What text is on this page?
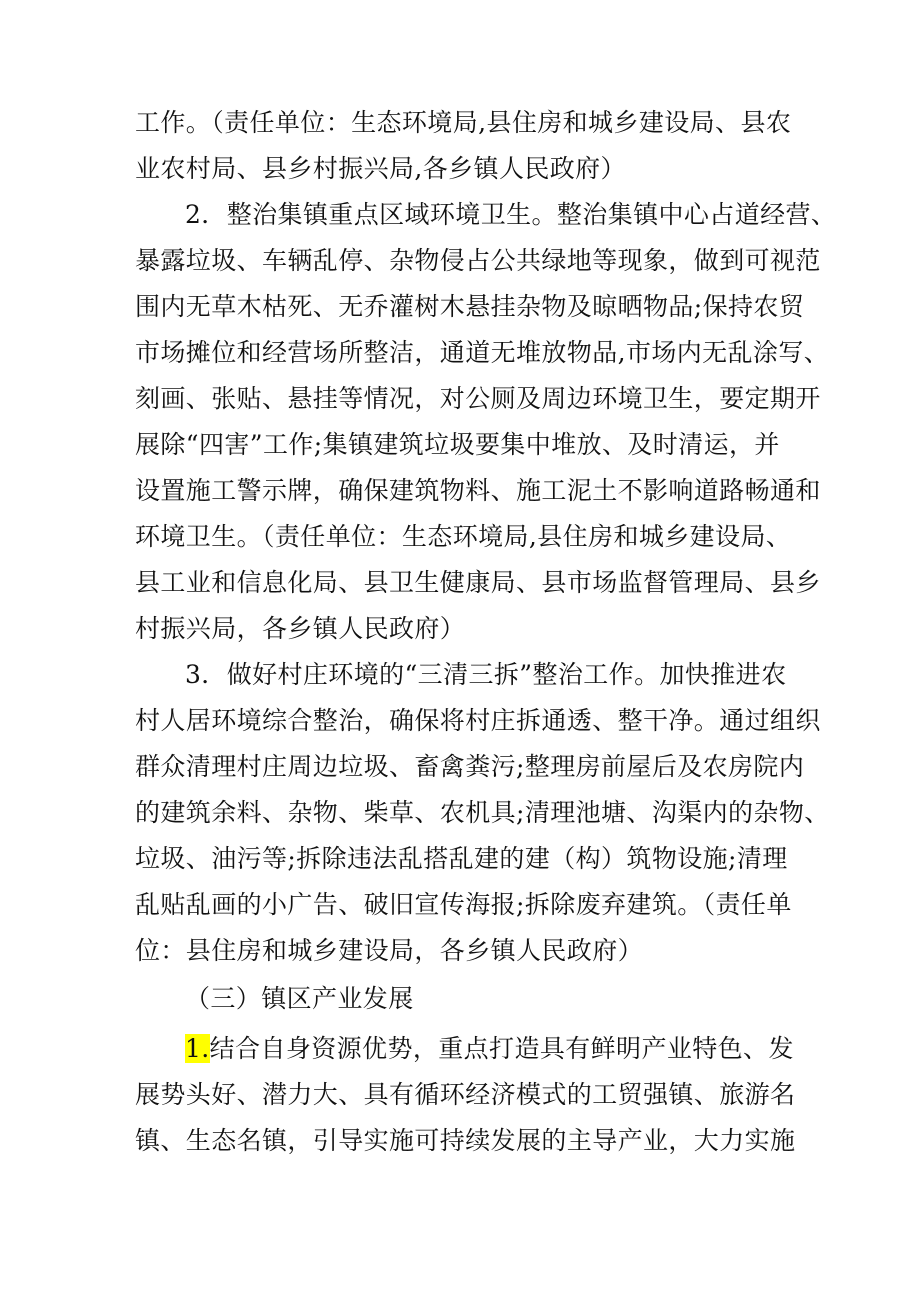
工作。（责任单位：生态环境局,县住房和城乡建设局、县农
业农村局、县乡村振兴局,各乡镇人民政府）
2．整治集镇重点区域环境卫生。整治集镇中心占道经营、
暴露垃圾、车辆乱停、杂物侵占公共绿地等现象，做到可视范
围内无草木枯死、无乔灌树木悬挂杂物及晾晒物品;保持农贸
市场摊位和经营场所整洁，通道无堆放物品,市场内无乱涂写、
刻画、张贴、悬挂等情况，对公厕及周边环境卫生，要定期开
展除“四害”工作;集镇建筑垃圾要集中堆放、及时清运，并
设置施工警示牌，确保建筑物料、施工泥土不影响道路畅通和
环境卫生。（责任单位：生态环境局,县住房和城乡建设局、
县工业和信息化局、县卫生健康局、县市场监督管理局、县乡
村振兴局，各乡镇人民政府）
3．做好村庄环境的“三清三拆”整治工作。加快推进农
村人居环境综合整治，确保将村庄拆通透、整干净。通过组织
群众清理村庄周边垃圾、畜禽粪污;整理房前屋后及农房院内
的建筑余料、杂物、柴草、农机具;清理池塘、沟渠内的杂物、
垃圾、油污等;拆除违法乱搭乱建的建（构）筑物设施;清理
乱贴乱画的小广告、破旧宣传海报;拆除废弃建筑。（责任单
位：县住房和城乡建设局，各乡镇人民政府）
（三）镇区产业发展
1.结合自身资源优势，重点打造具有鲜明产业特色、发
展势头好、潜力大、具有循环经济模式的工贸强镇、旅游名
镇、生态名镇，引导实施可持续发展的主导产业，大力实施
